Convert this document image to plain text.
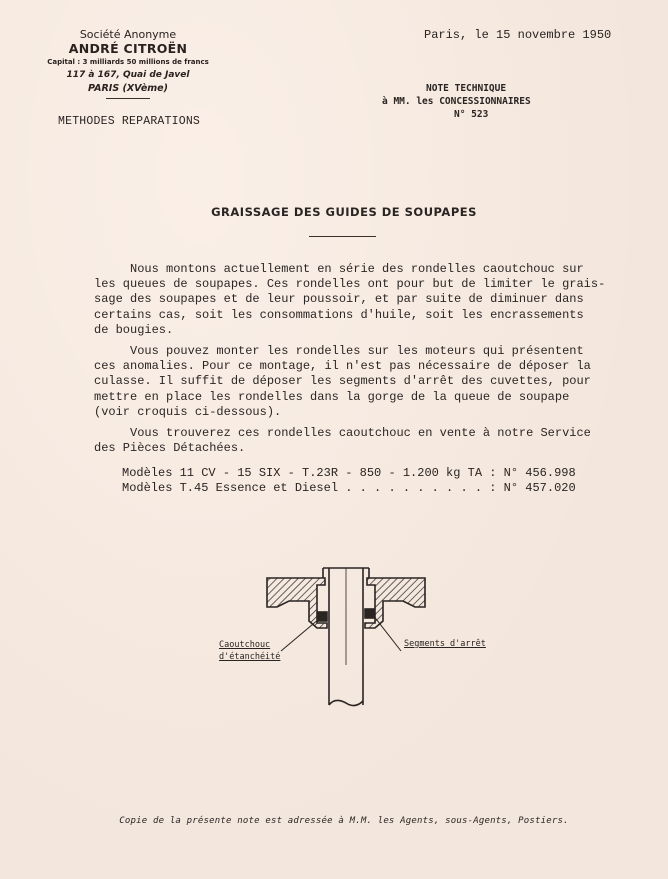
Société Anonyme
ANDRÉ CITROËN
Capital : 3 milliards 50 millions de francs
117 à 167, Quai de Javel
PARIS (XVème)
METHODES REPARATIONS
Paris, le 15 novembre 1950
NOTE TECHNIQUE
à MM. les CONCESSIONNAIRES
N° 523
GRAISSAGE DES GUIDES DE SOUPAPES

Nous montons actuellement en série des rondelles caoutchouc sur
les queues de soupapes. Ces rondelles ont pour but de limiter le grais-
sage des soupapes et de leur poussoir, et par suite de diminuer dans
certains cas, soit les consommations d'huile, soit les encrassements
de bougies.

Vous pouvez monter les rondelles sur les moteurs qui présentent
ces anomalies. Pour ce montage, il n'est pas nécessaire de déposer la
culasse. Il suffit de déposer les segments d'arrêt des cuvettes, pour
mettre en place les rondelles dans la gorge de la queue de soupape
(voir croquis ci-dessous).

Vous trouverez ces rondelles caoutchouc en vente à notre Service
des Pièces Détachées.

Modèles 11 CV - 15 SIX - T.23R - 850 - 1.200 kg TA : N° 456.998
Modèles T.45 Essence et Diesel . . . . . . . . . . : N° 457.020
Caoutchouc
d'étanchéité
Segments d'arrêt
Copie de la présente note est adressée à M.M. les Agents, sous-Agents, Postiers.
